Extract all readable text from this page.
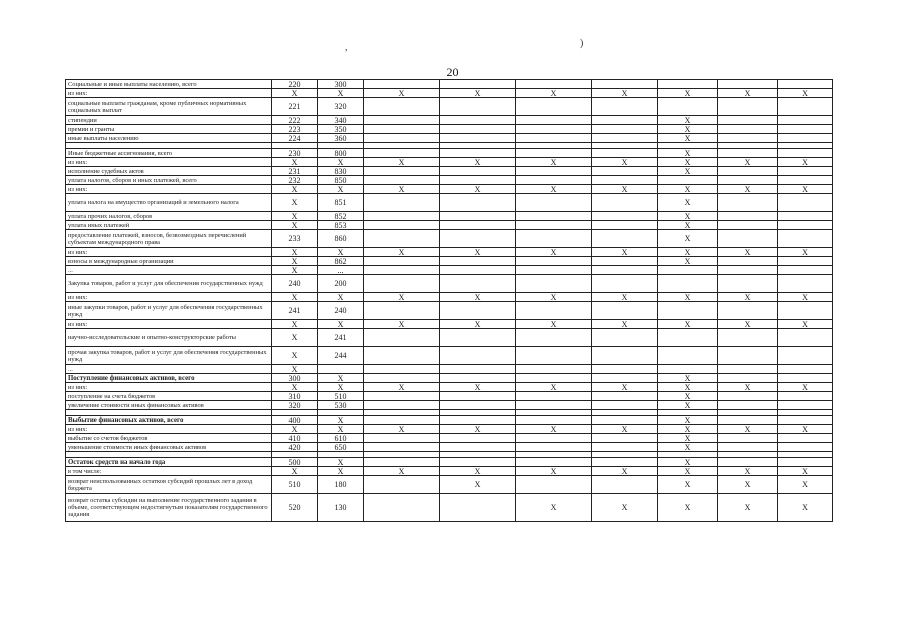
20
,	)
Социальные и иные выплаты населению, всего	220	300								
из них:	X	X	X	X	X	X	X	X	X	
социальные выплаты гражданам, кроме публичных нормативных социальных выплат	221	320								
стипендии	222	340					X			
премии и гранты	223	350					X			
иные выплаты населению	224	360					X			

Иные бюджетные ассигнования, всего	230	800					X			
из них:	X	X	X	X	X	X	X	X	X	
исполнение судебных актов	231	830					X			
уплата налогов, сборов и иных платежей, всего	232	850								
из них:	X	X	X	X	X	X	X	X	X	
уплата налога на имущество организаций и земельного налога	X	851					X			
уплата прочих налогов, сборов	X	852					X			
уплата иных платежей	X	853					X			
предоставление платежей, взносов, безвозмездных перечислений субъектам международного права	233	860					X			
из них:	X	X	X	X	X	X	X	X	X	
взносы в международные организации	X	862					X			
...	X	...								
Закупка товаров, работ и услуг для обеспечения государственных нужд	240	200								
из них:	X	X	X	X	X	X	X	X	X	
иные закупки товаров, работ и услуг для обеспечения государственных нужд	241	240								
из них:	X	X	X	X	X	X	X	X	X	
научно-исследовательские и опытно-конструкторские работы	X	241								
прочая закупка товаров, работ и услуг для обеспечения государственных нужд	X	244								
...	X									
Поступление финансовых активов, всего	300	X					X			
из них:	X	X	X	X	X	X	X	X	X	
поступление на счета бюджетов	310	510					X			
увеличение стоимости иных финансовых активов	320	530					X			

Выбытие финансовых активов, всего	400	X					X			
из них:	X	X	X	X	X	X	X	X	X	
выбытие со счетов бюджетов	410	610					X			
уменьшение стоимости иных финансовых активов	420	650					X			

Остаток средств на начало года	500	X					X			
в том числе:	X	X	X	X	X	X	X	X	X	
возврат неиспользованных остатков субсидий прошлых лет в доход бюджета	510	180		X			X	X	X	
возврат остатка субсидии на выполнение государственного задания в объеме, соответствующем недостигнутым показателям государственного задания	520	130			X	X	X	X	X	
